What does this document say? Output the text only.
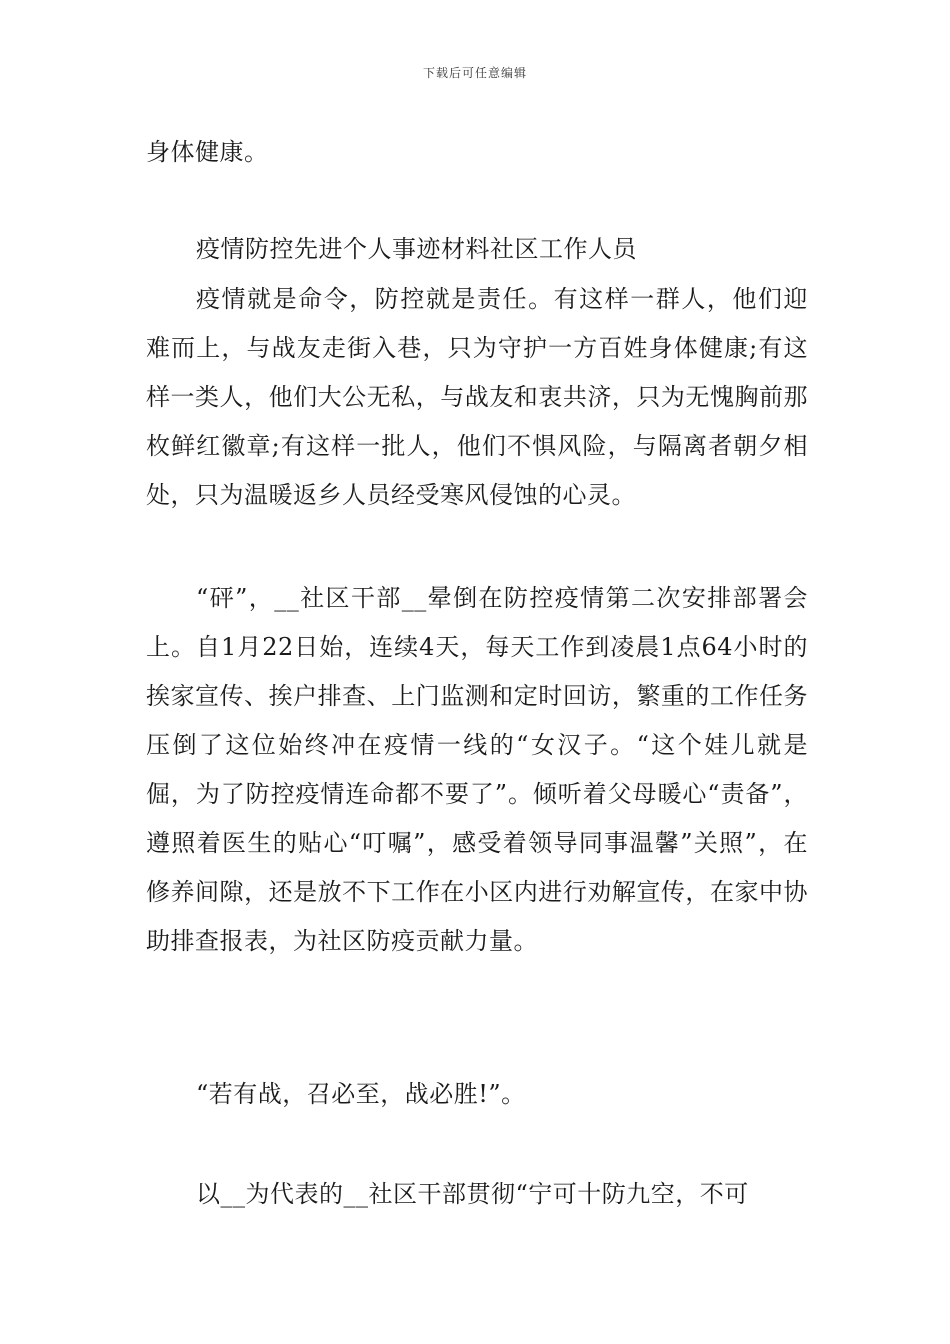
下载后可任意编辑

身体健康。

疫情防控先进个人事迹材料社区工作人员

疫情就是命令，防控就是责任。有这样一群人，他们迎难而上，与战友走街入巷，只为守护一方百姓身体健康;有这样一类人，他们大公无私，与战友和衷共济，只为无愧胸前那枚鲜红徽章;有这样一批人，他们不惧风险，与隔离者朝夕相处，只为温暖返乡人员经受寒风侵蚀的心灵。

“砰”，__社区干部__晕倒在防控疫情第二次安排部署会上。自1月22日始，连续4天，每天工作到凌晨1点64小时的挨家宣传、挨户排查、上门监测和定时回访，繁重的工作任务压倒了这位始终冲在疫情一线的“女汉子。“这个娃儿就是倔，为了防控疫情连命都不要了”。倾听着父母暖心“责备”，遵照着医生的贴心“叮嘱”，感受着领导同事温馨”关照”，在修养间隙，还是放不下工作在小区内进行劝解宣传，在家中协助排查报表，为社区防疫贡献力量。

“若有战，召必至，战必胜!”。

以__为代表的__社区干部贯彻“宁可十防九空，不可
